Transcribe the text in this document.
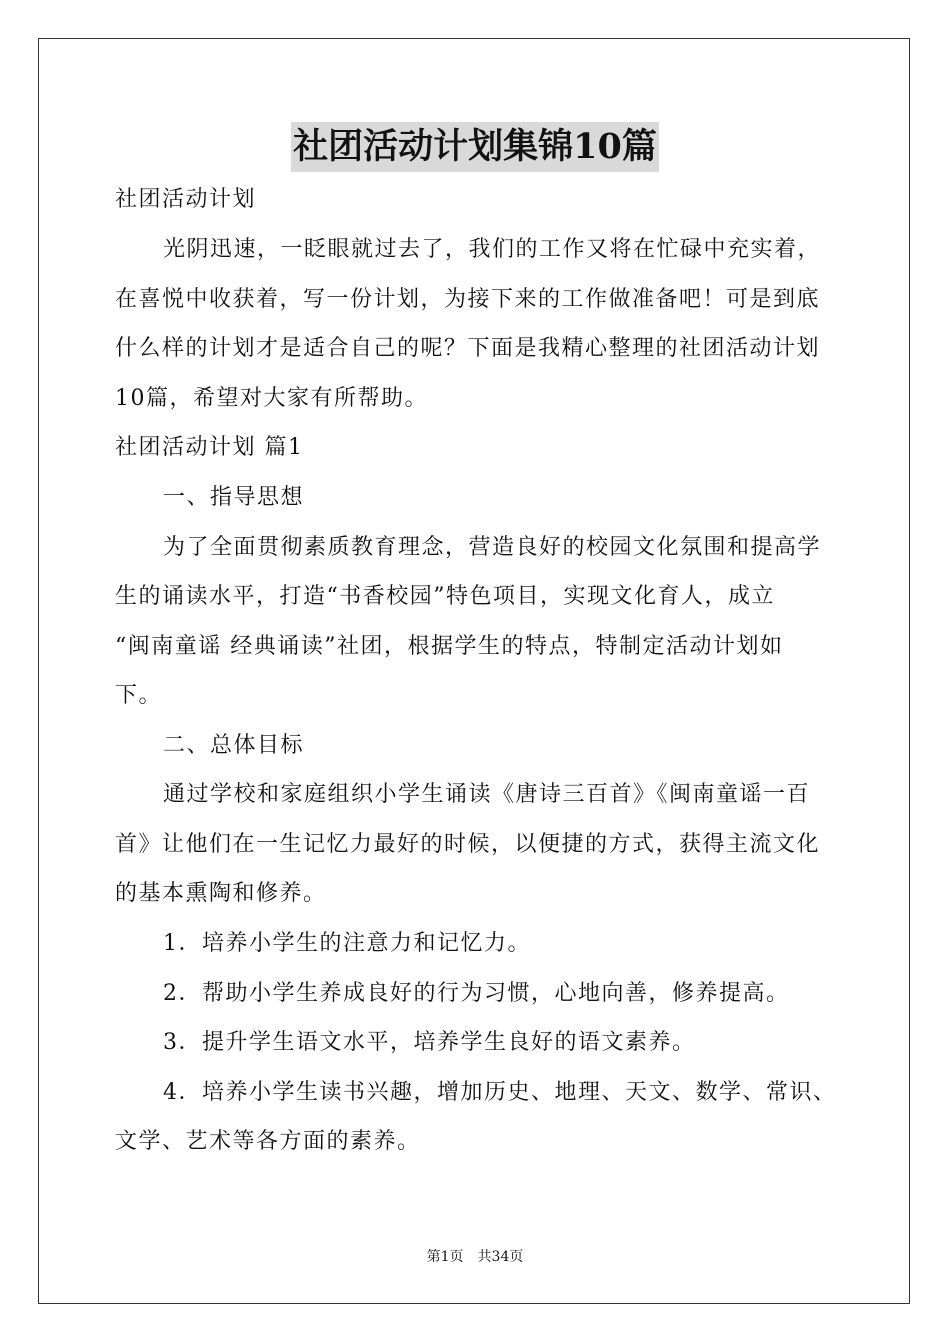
社团活动计划集锦10篇
社团活动计划
光阴迅速，一眨眼就过去了，我们的工作又将在忙碌中充实着，
在喜悦中收获着，写一份计划，为接下来的工作做准备吧！可是到底
什么样的计划才是适合自己的呢？下面是我精心整理的社团活动计划
10篇，希望对大家有所帮助。
社团活动计划 篇1
一、指导思想
为了全面贯彻素质教育理念，营造良好的校园文化氛围和提高学
生的诵读水平，打造“书香校园”特色项目，实现文化育人，成立
“闽南童谣 经典诵读”社团，根据学生的特点，特制定活动计划如
下。
二、总体目标
通过学校和家庭组织小学生诵读《唐诗三百首》《闽南童谣一百
首》让他们在一生记忆力最好的时候，以便捷的方式，获得主流文化
的基本熏陶和修养。
1．培养小学生的注意力和记忆力。
2．帮助小学生养成良好的行为习惯，心地向善，修养提高。
3．提升学生语文水平，培养学生良好的语文素养。
4．培养小学生读书兴趣，增加历史、地理、天文、数学、常识、
文学、艺术等各方面的素养。
第1页　共34页
